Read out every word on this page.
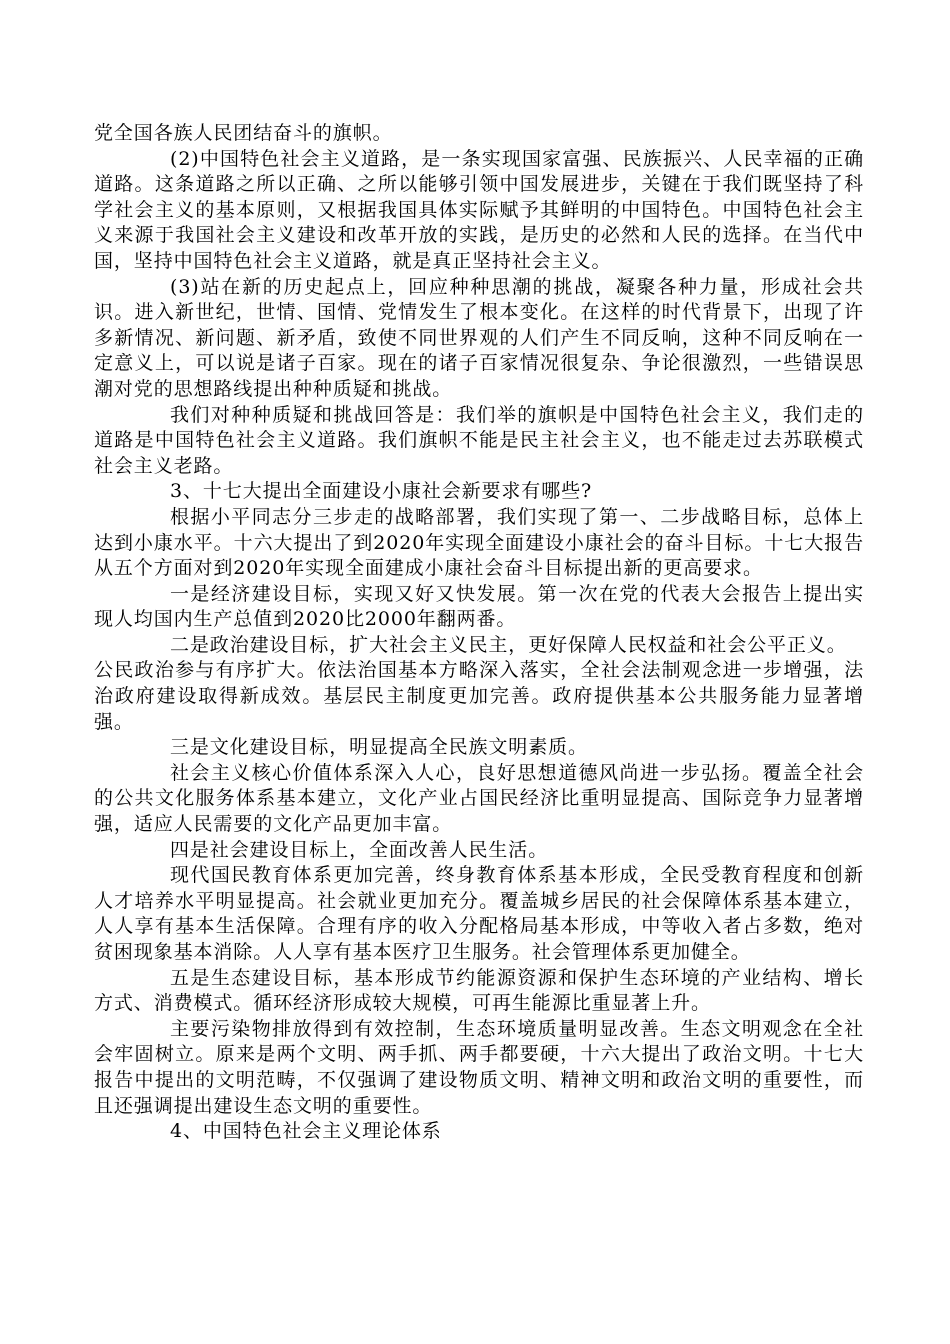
党全国各族人民团结奋斗的旗帜。

(2)中国特色社会主义道路，是一条实现国家富强、民族振兴、人民幸福的正确道路。这条道路之所以正确、之所以能够引领中国发展进步，关键在于我们既坚持了科学社会主义的基本原则，又根据我国具体实际赋予其鲜明的中国特色。中国特色社会主义来源于我国社会主义建设和改革开放的实践，是历史的必然和人民的选择。在当代中国，坚持中国特色社会主义道路，就是真正坚持社会主义。

(3)站在新的历史起点上，回应种种思潮的挑战，凝聚各种力量，形成社会共识。进入新世纪，世情、国情、党情发生了根本变化。在这样的时代背景下，出现了许多新情况、新问题、新矛盾，致使不同世界观的人们产生不同反响，这种不同反响在一定意义上，可以说是诸子百家。现在的诸子百家情况很复杂、争论很激烈，一些错误思潮对党的思想路线提出种种质疑和挑战。

我们对种种质疑和挑战回答是：我们举的旗帜是中国特色社会主义，我们走的道路是中国特色社会主义道路。我们旗帜不能是民主社会主义，也不能走过去苏联模式社会主义老路。

3、十七大提出全面建设小康社会新要求有哪些?

根据小平同志分三步走的战略部署，我们实现了第一、二步战略目标，总体上达到小康水平。十六大提出了到2020年实现全面建设小康社会的奋斗目标。十七大报告从五个方面对到2020年实现全面建成小康社会奋斗目标提出新的更高要求。

一是经济建设目标，实现又好又快发展。第一次在党的代表大会报告上提出实现人均国内生产总值到2020比2000年翻两番。

二是政治建设目标，扩大社会主义民主，更好保障人民权益和社会公平正义。

公民政治参与有序扩大。依法治国基本方略深入落实，全社会法制观念进一步增强，法治政府建设取得新成效。基层民主制度更加完善。政府提供基本公共服务能力显著增强。

三是文化建设目标，明显提高全民族文明素质。

社会主义核心价值体系深入人心，良好思想道德风尚进一步弘扬。覆盖全社会的公共文化服务体系基本建立，文化产业占国民经济比重明显提高、国际竞争力显著增强，适应人民需要的文化产品更加丰富。

四是社会建设目标上，全面改善人民生活。

现代国民教育体系更加完善，终身教育体系基本形成，全民受教育程度和创新人才培养水平明显提高。社会就业更加充分。覆盖城乡居民的社会保障体系基本建立，人人享有基本生活保障。合理有序的收入分配格局基本形成，中等收入者占多数，绝对贫困现象基本消除。人人享有基本医疗卫生服务。社会管理体系更加健全。

五是生态建设目标，基本形成节约能源资源和保护生态环境的产业结构、增长方式、消费模式。循环经济形成较大规模，可再生能源比重显著上升。

主要污染物排放得到有效控制，生态环境质量明显改善。生态文明观念在全社会牢固树立。原来是两个文明、两手抓、两手都要硬，十六大提出了政治文明。十七大报告中提出的文明范畴，不仅强调了建设物质文明、精神文明和政治文明的重要性，而且还强调提出建设生态文明的重要性。

4、中国特色社会主义理论体系
